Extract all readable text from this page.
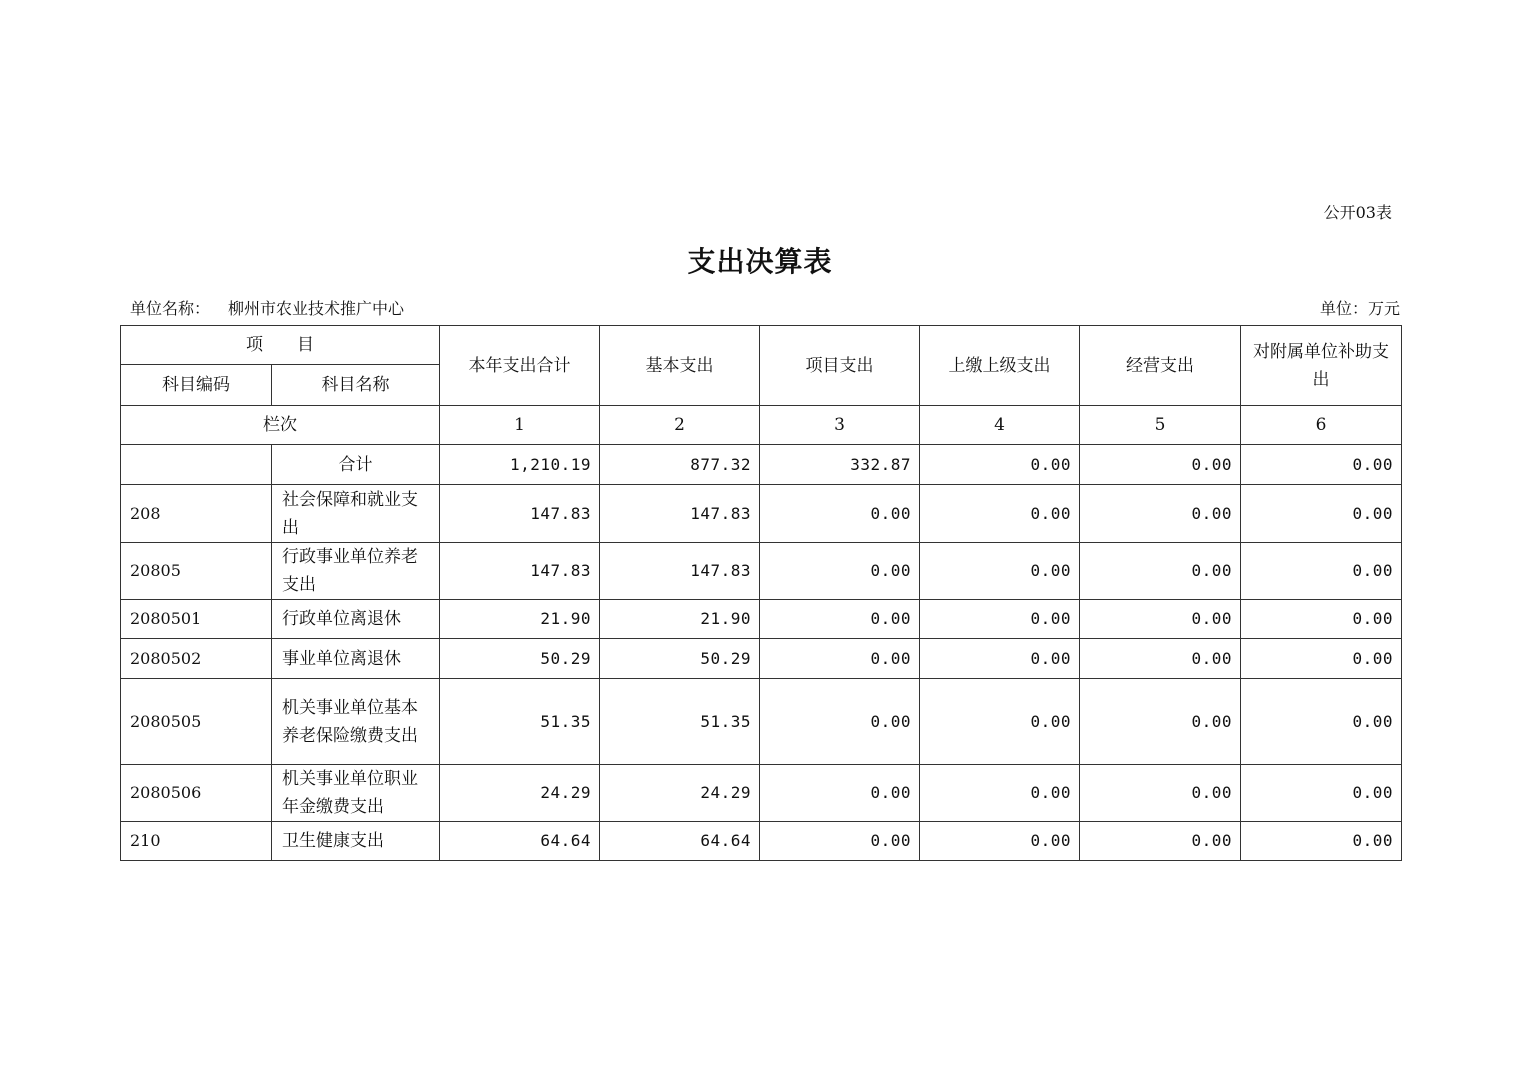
公开03表
支出决算表
单位名称： 柳州市农业技术推广中心	单位：万元
项　　目		本年支出合计	基本支出	项目支出	上缴上级支出	经营支出	对附属单位补助支出
科目编码	科目名称						
栏次		1	2	3	4	5	6
	合计	1,210.19	877.32	332.87	0.00	0.00	0.00
208	社会保障和就业支出	147.83	147.83	0.00	0.00	0.00	0.00
20805	行政事业单位养老支出	147.83	147.83	0.00	0.00	0.00	0.00
2080501	行政单位离退休	21.90	21.90	0.00	0.00	0.00	0.00
2080502	事业单位离退休	50.29	50.29	0.00	0.00	0.00	0.00
2080505	机关事业单位基本养老保险缴费支出	51.35	51.35	0.00	0.00	0.00	0.00
2080506	机关事业单位职业年金缴费支出	24.29	24.29	0.00	0.00	0.00	0.00
210	卫生健康支出	64.64	64.64	0.00	0.00	0.00	0.00
